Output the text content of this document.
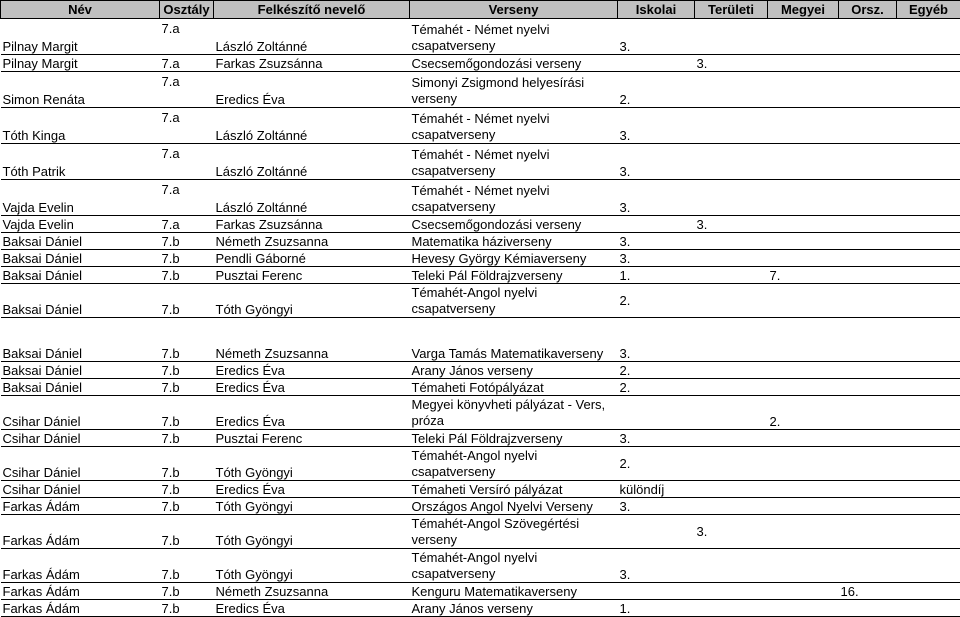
Név	Osztály	Felkészítő nevelő	Verseny	Iskolai	Területi	Megyei	Orsz.	Egyéb
Pilnay Margit	7.a	László Zoltánné	Témahét - Német nyelvi csapatverseny	3.				
Pilnay Margit	7.a	Farkas Zsuzsánna	Csecsemőgondozási verseny		3.			
Simon Renáta	7.a	Eredics Éva	Simonyi Zsigmond helyesírási verseny	2.				
Tóth Kinga	7.a	László Zoltánné	Témahét - Német nyelvi csapatverseny	3.				
Tóth Patrik	7.a	László Zoltánné	Témahét - Német nyelvi csapatverseny	3.				
Vajda Evelin	7.a	László Zoltánné	Témahét - Német nyelvi csapatverseny	3.				
Vajda Evelin	7.a	Farkas Zsuzsánna	Csecsemőgondozási verseny		3.			
Baksai Dániel	7.b	Németh Zsuzsanna	Matematika háziverseny	3.				
Baksai Dániel	7.b	Pendli Gáborné	Hevesy György Kémiaverseny	3.				
Baksai Dániel	7.b	Pusztai Ferenc	Teleki Pál Földrajzverseny	1.		7.		
Baksai Dániel	7.b	Tóth Gyöngyi	Témahét-Angol nyelvi csapatverseny	2.				
Baksai Dániel	7.b	Németh Zsuzsanna	Varga Tamás Matematikaverseny	3.				
Baksai Dániel	7.b	Eredics Éva	Arany János verseny	2.				
Baksai Dániel	7.b	Eredics Éva	Témaheti Fotópályázat	2.				
Csihar Dániel	7.b	Eredics Éva	Megyei könyvheti pályázat - Vers, próza			2.		
Csihar Dániel	7.b	Pusztai Ferenc	Teleki Pál Földrajzverseny	3.				
Csihar Dániel	7.b	Tóth Gyöngyi	Témahét-Angol nyelvi csapatverseny	2.				
Csihar Dániel	7.b	Eredics Éva	Témaheti Versíró pályázat	különdíj				
Farkas Ádám	7.b	Tóth Gyöngyi	Országos Angol Nyelvi Verseny	3.				
Farkas Ádám	7.b	Tóth Gyöngyi	Témahét-Angol Szövegértési verseny		3.			
Farkas Ádám	7.b	Tóth Gyöngyi	Témahét-Angol nyelvi csapatverseny	3.				
Farkas Ádám	7.b	Németh Zsuzsanna	Kenguru Matematikaverseny				16.	
Farkas Ádám	7.b	Eredics Éva	Arany János verseny	1.				
